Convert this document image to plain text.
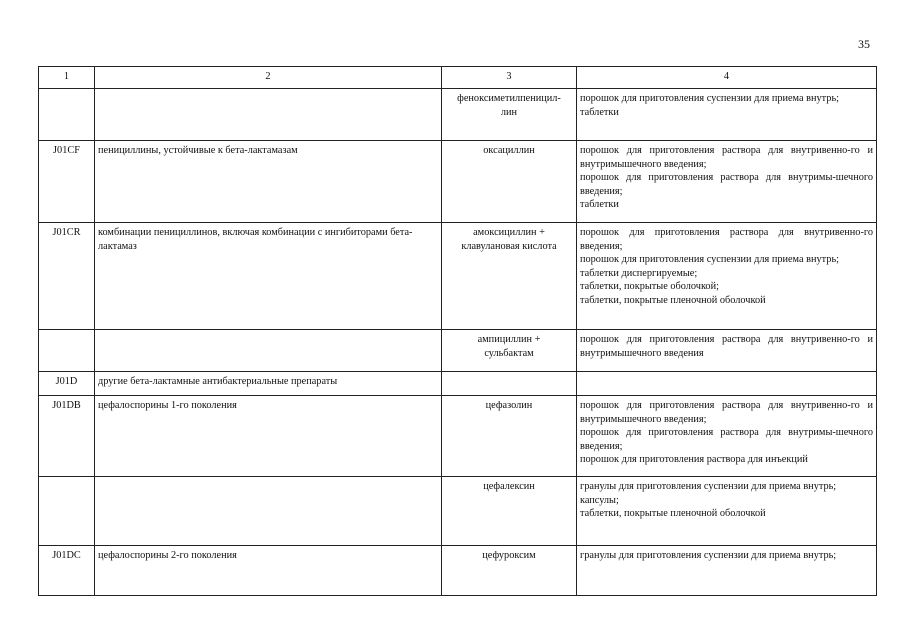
35
1	2	3	4
		феноксиметилпеницил-
лин	порошок для приготовления суспензии для приема внутрь;
таблетки

J01CF	пенициллины, устойчивые к бета-лактамазам	оксациллин	порошок для приготовления раствора для внутривенно-го и внутримышечного введения;
порошок для приготовления раствора для внутримы-шечного введения;
таблетки

J01CR	комбинации пенициллинов, включая комбинации с ингибиторами бета-лактамаз	амоксициллин +
клавулановая кислота	порошок для приготовления раствора для внутривенно-го введения;
порошок для приготовления суспензии для приема внутрь;
таблетки диспергируемые;
таблетки, покрытые оболочкой;
таблетки, покрытые пленочной оболочкой

		ампициллин +
сульбактам	порошок для приготовления раствора для внутривенно-го и внутримышечного введения

J01D	другие бета-лактамные антибактериальные препараты		
J01DB	цефалоспорины 1-го поколения	цефазолин	порошок для приготовления раствора для внутривенно-го и внутримышечного введения;
порошок для приготовления раствора для внутримы-шечного введения;
порошок для приготовления раствора для инъекций

		цефалексин	гранулы для приготовления суспензии для приема внутрь;
капсулы;
таблетки, покрытые пленочной оболочкой

J01DC	цефалоспорины 2-го поколения	цефуроксим	гранулы для приготовления суспензии для приема внутрь;
